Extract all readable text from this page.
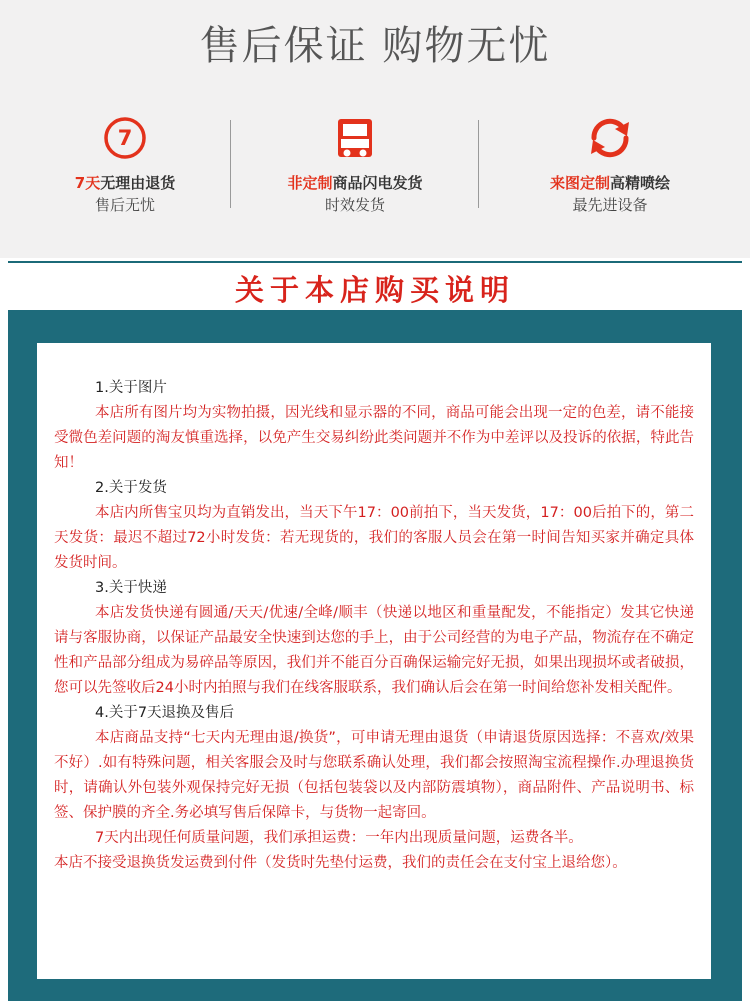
售后保证 购物无忧
7
7天无理由退货
售后无忧
非定制商品闪电发货
时效发货
来图定制高精喷绘
最先进设备
关于本店购买说明
1.关于图片

本店所有图片均为实物拍摄，因光线和显示器的不同，商品可能会出现一定的色差，请不能接受微色差问题的淘友慎重选择，以免产生交易纠纷此类问题并不作为中差评以及投诉的依据，特此告知！

2.关于发货

本店内所售宝贝均为直销发出，当天下午17：00前拍下，当天发货，17：00后拍下的，第二天发货：最迟不超过72小时发货：若无现货的，我们的客服人员会在第一时间告知买家并确定具体发货时间。

3.关于快递

本店发货快递有圆通/天天/优速/全峰/顺丰（快递以地区和重量配发，不能指定）发其它快递请与客服协商，以保证产品最安全快速到达您的手上，由于公司经营的为电子产品，物流存在不确定性和产品部分组成为易碎品等原因，我们并不能百分百确保运输完好无损，如果出现损坏或者破损，您可以先签收后24小时内拍照与我们在线客服联系，我们确认后会在第一时间给您补发相关配件。

4.关于7天退换及售后

本店商品支持“七天内无理由退/换货”，可申请无理由退货（申请退货原因选择：不喜欢/效果不好）.如有特殊问题，相关客服会及时与您联系确认处理，我们都会按照淘宝流程操作.办理退换货时，请确认外包装外观保持完好无损（包括包装袋以及内部防震填物），商品附件、产品说明书、标签、保护膜的齐全.务必填写售后保障卡，与货物一起寄回。

7天内出现任何质量问题，我们承担运费：一年内出现质量问题，运费各半。

本店不接受退换货发运费到付件（发货时先垫付运费，我们的责任会在支付宝上退给您）。
